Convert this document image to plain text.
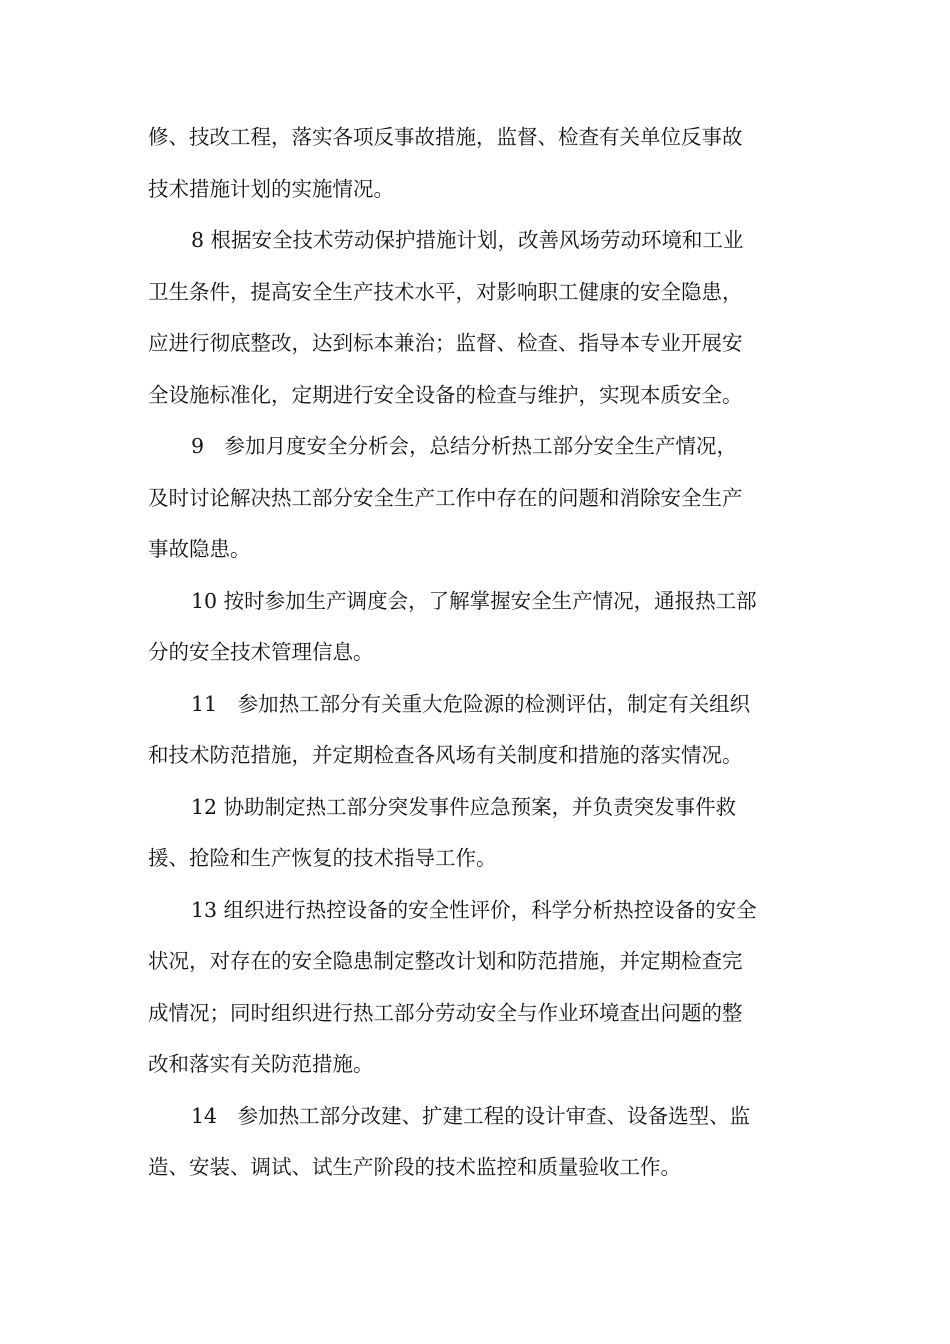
修、技改工程，落实各项反事故措施，监督、检查有关单位反事故
技术措施计划的实施情况。
8 根据安全技术劳动保护措施计划，改善风场劳动环境和工业
卫生条件，提高安全生产技术水平，对影响职工健康的安全隐患，
应进行彻底整改，达到标本兼治；监督、检查、指导本专业开展安
全设施标准化，定期进行安全设备的检查与维护，实现本质安全。
9　参加月度安全分析会，总结分析热工部分安全生产情况，
及时讨论解决热工部分安全生产工作中存在的问题和消除安全生产
事故隐患。
10 按时参加生产调度会，了解掌握安全生产情况，通报热工部
分的安全技术管理信息。
11　参加热工部分有关重大危险源的检测评估，制定有关组织
和技术防范措施，并定期检查各风场有关制度和措施的落实情况。
12 协助制定热工部分突发事件应急预案，并负责突发事件救
援、抢险和生产恢复的技术指导工作。
13 组织进行热控设备的安全性评价，科学分析热控设备的安全
状况，对存在的安全隐患制定整改计划和防范措施，并定期检查完
成情况；同时组织进行热工部分劳动安全与作业环境查出问题的整
改和落实有关防范措施。
14　参加热工部分改建、扩建工程的设计审查、设备选型、监
造、安装、调试、试生产阶段的技术监控和质量验收工作。
